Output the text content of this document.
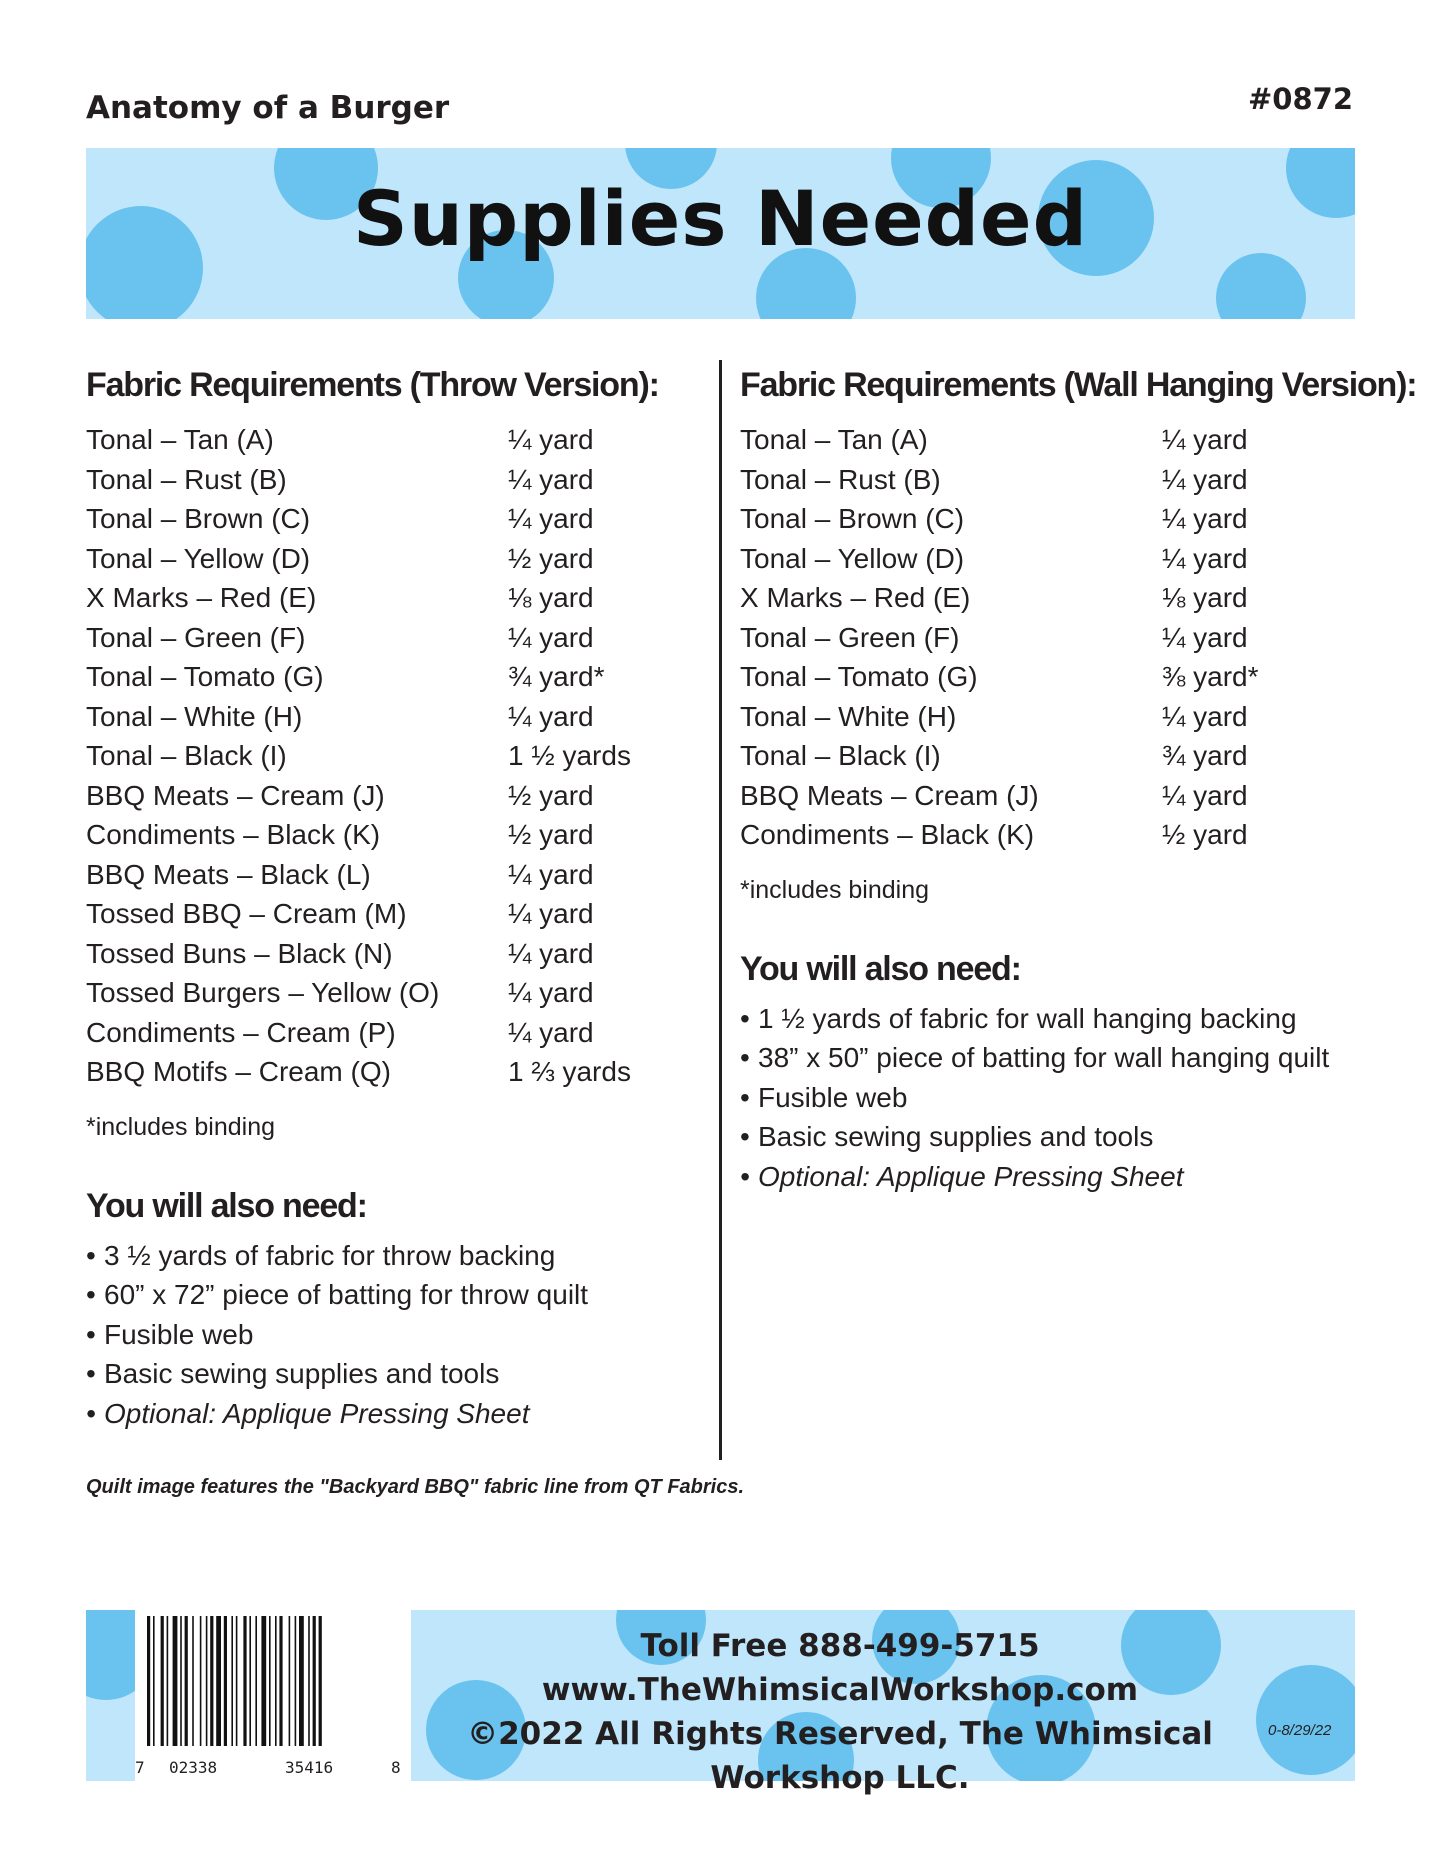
Anatomy of a Burger	#0872
Supplies Needed
Fabric Requirements (Throw Version):
Tonal – Tan (A)	¼ yard
Tonal – Rust (B)	¼ yard
Tonal – Brown (C)	¼ yard
Tonal – Yellow (D)	½ yard
X Marks – Red (E)	⅛ yard
Tonal – Green (F)	¼ yard
Tonal – Tomato (G)	¾ yard*
Tonal – White (H)	¼ yard
Tonal – Black (I)	1 ½ yards
BBQ Meats – Cream (J)	½ yard
Condiments – Black (K)	½ yard
BBQ Meats – Black (L)	¼ yard
Tossed BBQ – Cream (M)	¼ yard
Tossed Buns – Black (N)	¼ yard
Tossed Burgers – Yellow (O)	¼ yard
Condiments – Cream (P)	¼ yard
BBQ Motifs – Cream (Q)	1 ⅔ yards
*includes binding
You will also need:
• 3 ½ yards of fabric for throw backing
• 60” x 72” piece of batting for throw quilt
• Fusible web
• Basic sewing supplies and tools
• Optional: Applique Pressing Sheet
Fabric Requirements (Wall Hanging Version):
Tonal – Tan (A)	¼ yard
Tonal – Rust (B)	¼ yard
Tonal – Brown (C)	¼ yard
Tonal – Yellow (D)	¼ yard
X Marks – Red (E)	⅛ yard
Tonal – Green (F)	¼ yard
Tonal – Tomato (G)	⅜ yard*
Tonal – White (H)	¼ yard
Tonal – Black (I)	¾ yard
BBQ Meats – Cream (J)	¼ yard
Condiments – Black (K)	½ yard
*includes binding
You will also need:
• 1 ½ yards of fabric for wall hanging backing
• 38” x 50” piece of batting for wall hanging quilt
• Fusible web
• Basic sewing supplies and tools
• Optional: Applique Pressing Sheet
Quilt image features the "Backyard BBQ" fabric line from QT Fabrics.
7 02338	35416	8
Toll Free 888-499-5715
www.TheWhimsicalWorkshop.com
©2022 All Rights Reserved, The Whimsical Workshop LLC.
0-8/29/22
